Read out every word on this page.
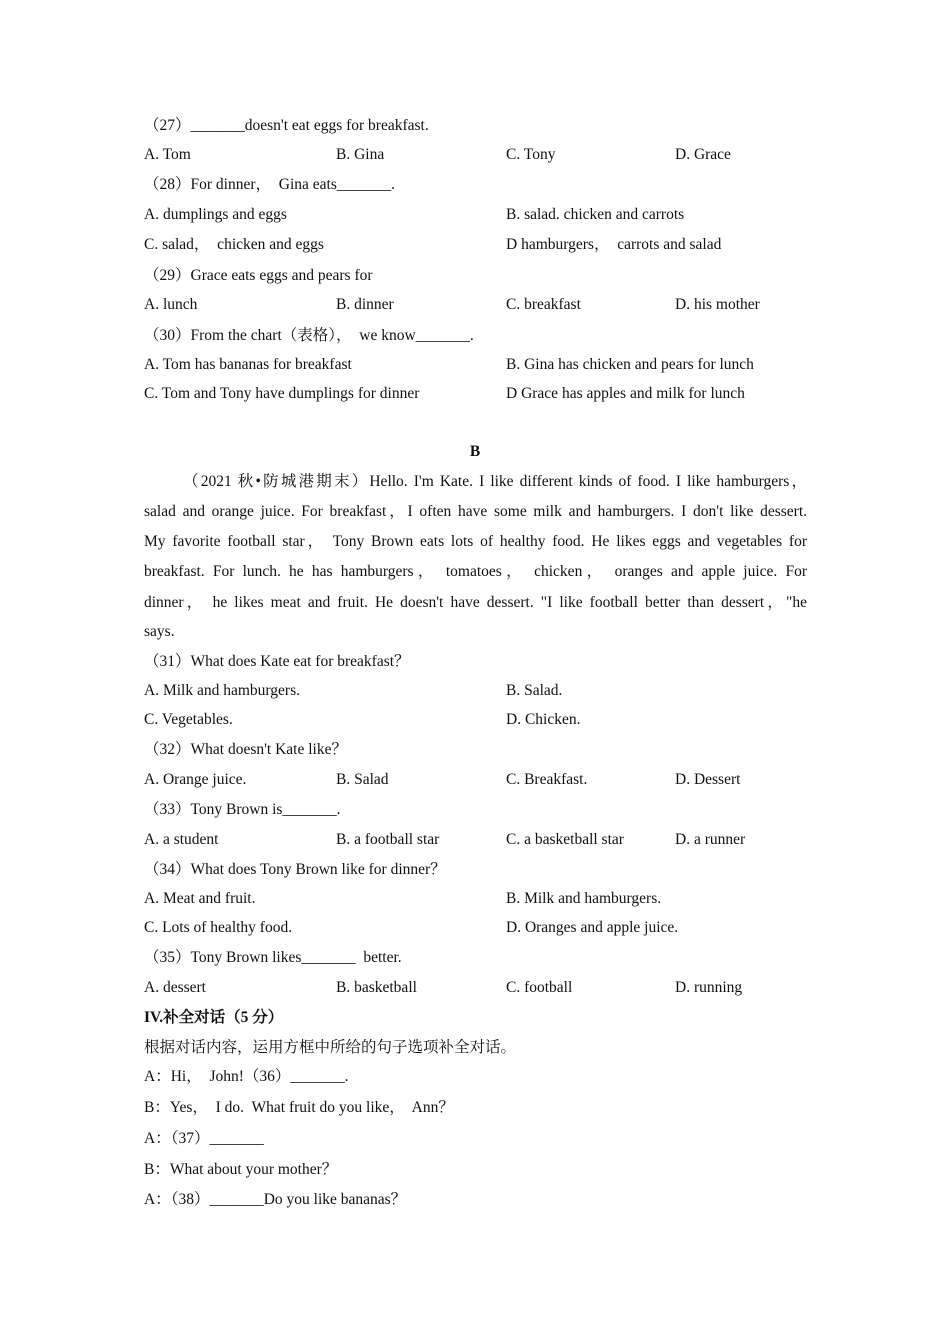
（27）_______doesn't eat eggs for breakfast.
A. Tom	B. Gina	C. Tony	D. Grace
（28）For dinner，  Gina eats_______.
A. dumplings and eggs	B. salad. chicken and carrots
C. salad，  chicken and eggs	D hamburgers，  carrots and salad
（29）Grace eats eggs and pears for
A. lunch	B. dinner	C. breakfast	D. his mother
（30）From the chart（表格），  we know_______.
A. Tom has bananas for breakfast	B. Gina has chicken and pears for lunch
C. Tom and Tony have dumplings for dinner	D Grace has apples and milk for lunch
B
（2021 秋•防城港期末）Hello. I'm Kate. I like different kinds of food. I like hamburgers，
salad and orange juice. For breakfast，I often have some milk and hamburgers. I don't like dessert.
My favorite football star， Tony Brown eats lots of healthy food. He likes eggs and vegetables for
breakfast. For lunch. he has hamburgers， tomatoes， chicken， oranges and apple juice. For
dinner， he likes meat and fruit. He doesn't have dessert. "I like football better than dessert，"he
says.
（31）What does Kate eat for breakfast？
A. Milk and hamburgers.	B. Salad.
C. Vegetables.	D. Chicken.
（32）What doesn't Kate like？
A. Orange juice.	B. Salad	C. Breakfast.	D. Dessert
（33）Tony Brown is_______.
A. a student	B. a football star	C. a basketball star	D. a runner
（34）What does Tony Brown like for dinner？
A. Meat and fruit.	B. Milk and hamburgers.
C. Lots of healthy food.	D. Oranges and apple juice.
（35）Tony Brown likes_______  better.
A. dessert	B. basketball	C. football	D. running
IV.补全对话（5 分）
根据对话内容，运用方框中所给的句子选项补全对话。
A：Hi，  John!（36）_______.
B：Yes，  I do.  What fruit do you like，  Ann？
A：（37）_______
B：What about your mother？
A：（38）_______Do you like bananas？
